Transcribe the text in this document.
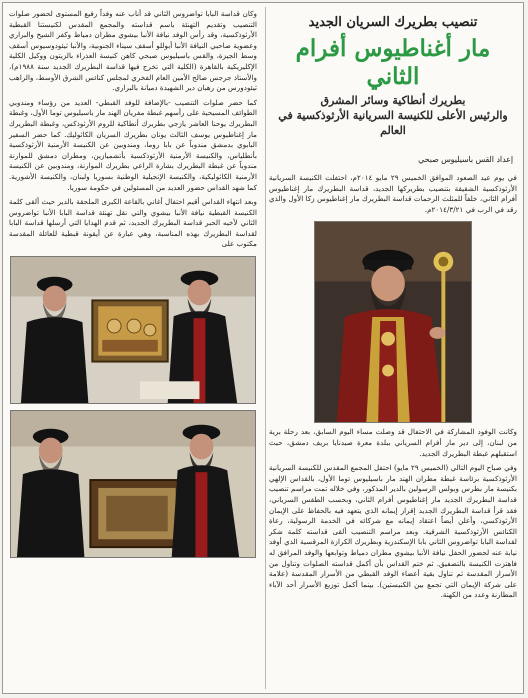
تنصيب بطريرك السريان الجديد

مار أغناطيوس أفرام الثاني

بطريرك أنطاكية وسائر المشرق

والرئيس الأعلى للكنيسة السريانية الأرثوذكسية في العالم

إعداد القس باسيليوس صبحي

في يوم عيد الصعود الموافق الخميس ٢٩ مايو ٢٠١٤م، احتفلت الكنيسة السريانية الأرثوذكسية الشقيقة بتنصيب بطريركها الجديد، قداسة البطريرك مار إغناطيوس أفرام الثاني، خلفاً للمثلث الرحمات قداسة البطريرك مار إغناطيوس زكا الأول والذي رقد في الرب في ٢٠١٤/٣/٢١م.

وكانت الوفود المشاركة في الاحتفال قد وصلت مساء اليوم السابق، بعد رحلة برية من لبنان، إلى دير مار أفرام السرياني ببلدة معرة صيدنايا بريف دمشق، حيث استقبلهم غبطة البطريرك الجديد.

وفي صباح اليوم التالي (الخميس ٢٩ مايو) احتفل المجمع المقدس للكنيسة السريانية الأرثوذكسية برئاسة غبطة مطران الهند مار باسيليوس توما الأول، بالقداس الإلهي بكنيسة مار بطرس وبولس الرسولين بالدير المذكور، وفي خلاله تمت مراسم تنصيب قداسة البطريرك الجديد مار إغناطيوس أفرام الثاني، وبحسب الطقس السرياني، فقد قرأ قداسة البطريرك الجديد إقرار إيمانه الذي يتعهد فيه بالحفاظ على الإيمان الأرثوذكسي، وأعلن أيضاً اعتقاد إيمانه مع شركائه في الخدمة الرسولية، رعاة الكنائس الأرثوذكسية الشرقية. وبعد مراسم التنصيب ألقى قداسته كلمة شكر لقداسة البابا تواضروس الثاني بابا الإسكندرية وبطريرك الكرازة المرقسية الذي أوفد نيابة عنه لحضور الحفل نيافة الأنبا بيشوي مطران دمياط وتوابعها والوفد المرافق له فاهتزت الكنيسة بالتصفيق. ثم ختم القداس بأن أكمل قداسته الصلوات وتناول من الأسرار المقدسة ثم تناول بقية أعضاء الوفد القبطي من الأسرار المقدسة (علامة على شركة الإيمان التي تجمع بين الكنيستين). بينما أكمل توزيع الأسرار أحد الآباء المطارنة وعدد من الكهنة.

وكان قداسة البابا تواضروس الثاني قد أناب عنه وفداً رفيع المستوى لحضور صلوات التنصيب وتقديم التهنئة باسم قداسته والمجمع المقدس لكنيستنا القبطية الأرثوذكسية، وقد رأس الوفد نيافة الأنبا بيشوي مطران دمياط وكفر الشيخ والبراري وعضوية صاحبي النيافة الأنبا أبوللو أسقف سيناء الجنوبية، والأنبا ثيئودوسيوس أسقف وسط الجيزة، والقس باسيليوس صبحي كاهن كنيسة العذراء بالزيتون ووكيل الكلية الإكليريكية بالقاهرة (الكلية التي تخرج فيها قداسة البطريرك الجديد سنة ١٩٨٨م)، والأستاذ جرجس صالح الأمين العام الفخري لمجلس كنائس الشرق الأوسط، والراهب ثيئودورس من رهبان دير الشهيدة دميانة بالبراري.

كما حضر صلوات التنصيب -بالإضافة للوفد القبطي- العديد من رؤساء ومندوبي الطوائف المسيحية على رأسهم غبطة مفريان الهند مار باسيليوس توما الأول، وغبطة البطريرك يوحنا العاشر يازجي بطريرك أنطاكية للروم الأرثوذكس، وغبطة البطريرك مار إغناطيوس يوسف الثالث يونان بطريرك السريان الكاثوليك. كما حضر السفير البابوي بدمشق مندوباً عن بابا روما، ومندوبين عن الكنيسة الأرمنية الأرثوذكسية بأنطلياس، والكنيسة الأرمنية الأرثوذكسية بأتشميازين، ومطران دمشق للموارنة مندوباً عن غبطة البطريرك بشارة الراعي بطريرك الموارنة، ومندوبين عن الكنيسة الأرمنية الكاثوليكية، والكنيسة الإنجيلية الوطنية بسوريا ولبنان، والكنيسة الأشورية. كما شهد القداس حضور العديد من المسئولين في حكومة سوريا.

وبعد انتهاء القداس أقيم احتفال أغاني بالقاعة الكبرى الملحقة بالدير حيث ألقى كلمة الكنيسة القبطية نيافة الأنبا بيشوي والتي نقل تهنئة قداسة البابا الأنبا تواضروس الثاني لأخيه الحبر قداسة البطريرك الجديد، ثم قدم الهدايا التي أرسلها قداسة البابا لقداسة البطريرك بهذه المناسبة، وهي عبارة عن أيقونة قبطية للعائلة المقدسة مكتوب على
